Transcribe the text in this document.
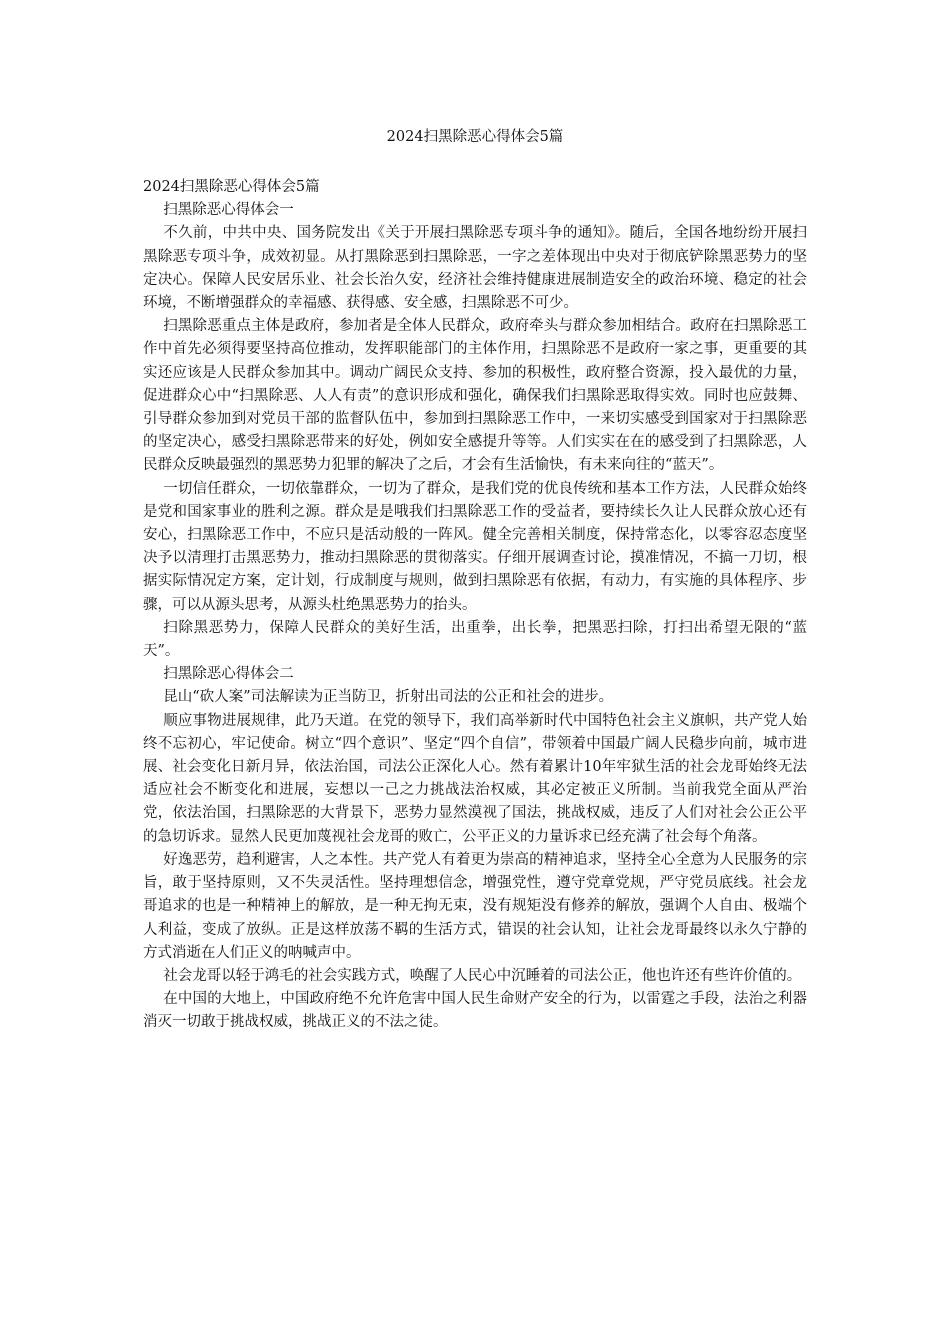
2024扫黑除恶心得体会5篇

2024扫黑除恶心得体会5篇

扫黑除恶心得体会一

不久前，中共中央、国务院发出《关于开展扫黑除恶专项斗争的通知》。随后，全国各地纷纷开展扫黑除恶专项斗争，成效初显。从打黑除恶到扫黑除恶，一字之差体现出中央对于彻底铲除黑恶势力的坚定决心。保障人民安居乐业、社会长治久安，经济社会维持健康进展制造安全的政治环境、稳定的社会环境，不断增强群众的幸福感、获得感、安全感，扫黑除恶不可少。

扫黑除恶重点主体是政府，参加者是全体人民群众，政府牵头与群众参加相结合。政府在扫黑除恶工作中首先必须得要坚持高位推动，发挥职能部门的主体作用，扫黑除恶不是政府一家之事，更重要的其实还应该是人民群众参加其中。调动广阔民众支持、参加的积极性，政府整合资源，投入最优的力量，促进群众心中“扫黑除恶、人人有责”的意识形成和强化，确保我们扫黑除恶取得实效。同时也应鼓舞、引导群众参加到对党员干部的监督队伍中，参加到扫黑除恶工作中，一来切实感受到国家对于扫黑除恶的坚定决心，感受扫黑除恶带来的好处，例如安全感提升等等。人们实实在在的感受到了扫黑除恶，人民群众反映最强烈的黑恶势力犯罪的解决了之后，才会有生活愉快，有未来向往的“蓝天”。

一切信任群众，一切依靠群众，一切为了群众，是我们党的优良传统和基本工作方法，人民群众始终是党和国家事业的胜利之源。群众是是哦我们扫黑除恶工作的受益者，要持续长久让人民群众放心还有安心，扫黑除恶工作中，不应只是活动般的一阵风。健全完善相关制度，保持常态化，以零容忍态度坚决予以清理打击黑恶势力，推动扫黑除恶的贯彻落实。仔细开展调查讨论，摸准情况，不搞一刀切，根据实际情况定方案，定计划，行成制度与规则，做到扫黑除恶有依据，有动力，有实施的具体程序、步骤，可以从源头思考，从源头杜绝黑恶势力的抬头。

扫除黑恶势力，保障人民群众的美好生活，出重拳，出长拳，把黑恶扫除，打扫出希望无限的“蓝天”。

扫黑除恶心得体会二

昆山“砍人案”司法解读为正当防卫，折射出司法的公正和社会的进步。

顺应事物进展规律，此乃天道。在党的领导下，我们高举新时代中国特色社会主义旗帜，共产党人始终不忘初心，牢记使命。树立“四个意识”、坚定“四个自信”，带领着中国最广阔人民稳步向前，城市进展、社会变化日新月异，依法治国，司法公正深化人心。然有着累计10年牢狱生活的社会龙哥始终无法适应社会不断变化和进展，妄想以一己之力挑战法治权威，其必定被正义所制。当前我党全面从严治党，依法治国，扫黑除恶的大背景下，恶势力显然漠视了国法，挑战权威，违反了人们对社会公正公平的急切诉求。显然人民更加蔑视社会龙哥的败亡，公平正义的力量诉求已经充满了社会每个角落。

好逸恶劳，趋利避害，人之本性。共产党人有着更为崇高的精神追求，坚持全心全意为人民服务的宗旨，敢于坚持原则，又不失灵活性。坚持理想信念，增强党性，遵守党章党规，严守党员底线。社会龙哥追求的也是一种精神上的解放，是一种无拘无束，没有规矩没有修养的解放，强调个人自由、极端个人利益，变成了放纵。正是这样放荡不羁的生活方式，错误的社会认知，让社会龙哥最终以永久宁静的方式消逝在人们正义的呐喊声中。

社会龙哥以轻于鸿毛的社会实践方式，唤醒了人民心中沉睡着的司法公正，他也许还有些许价值的。

在中国的大地上，中国政府绝不允许危害中国人民生命财产安全的行为，以雷霆之手段，法治之利器消灭一切敢于挑战权威，挑战正义的不法之徒。
